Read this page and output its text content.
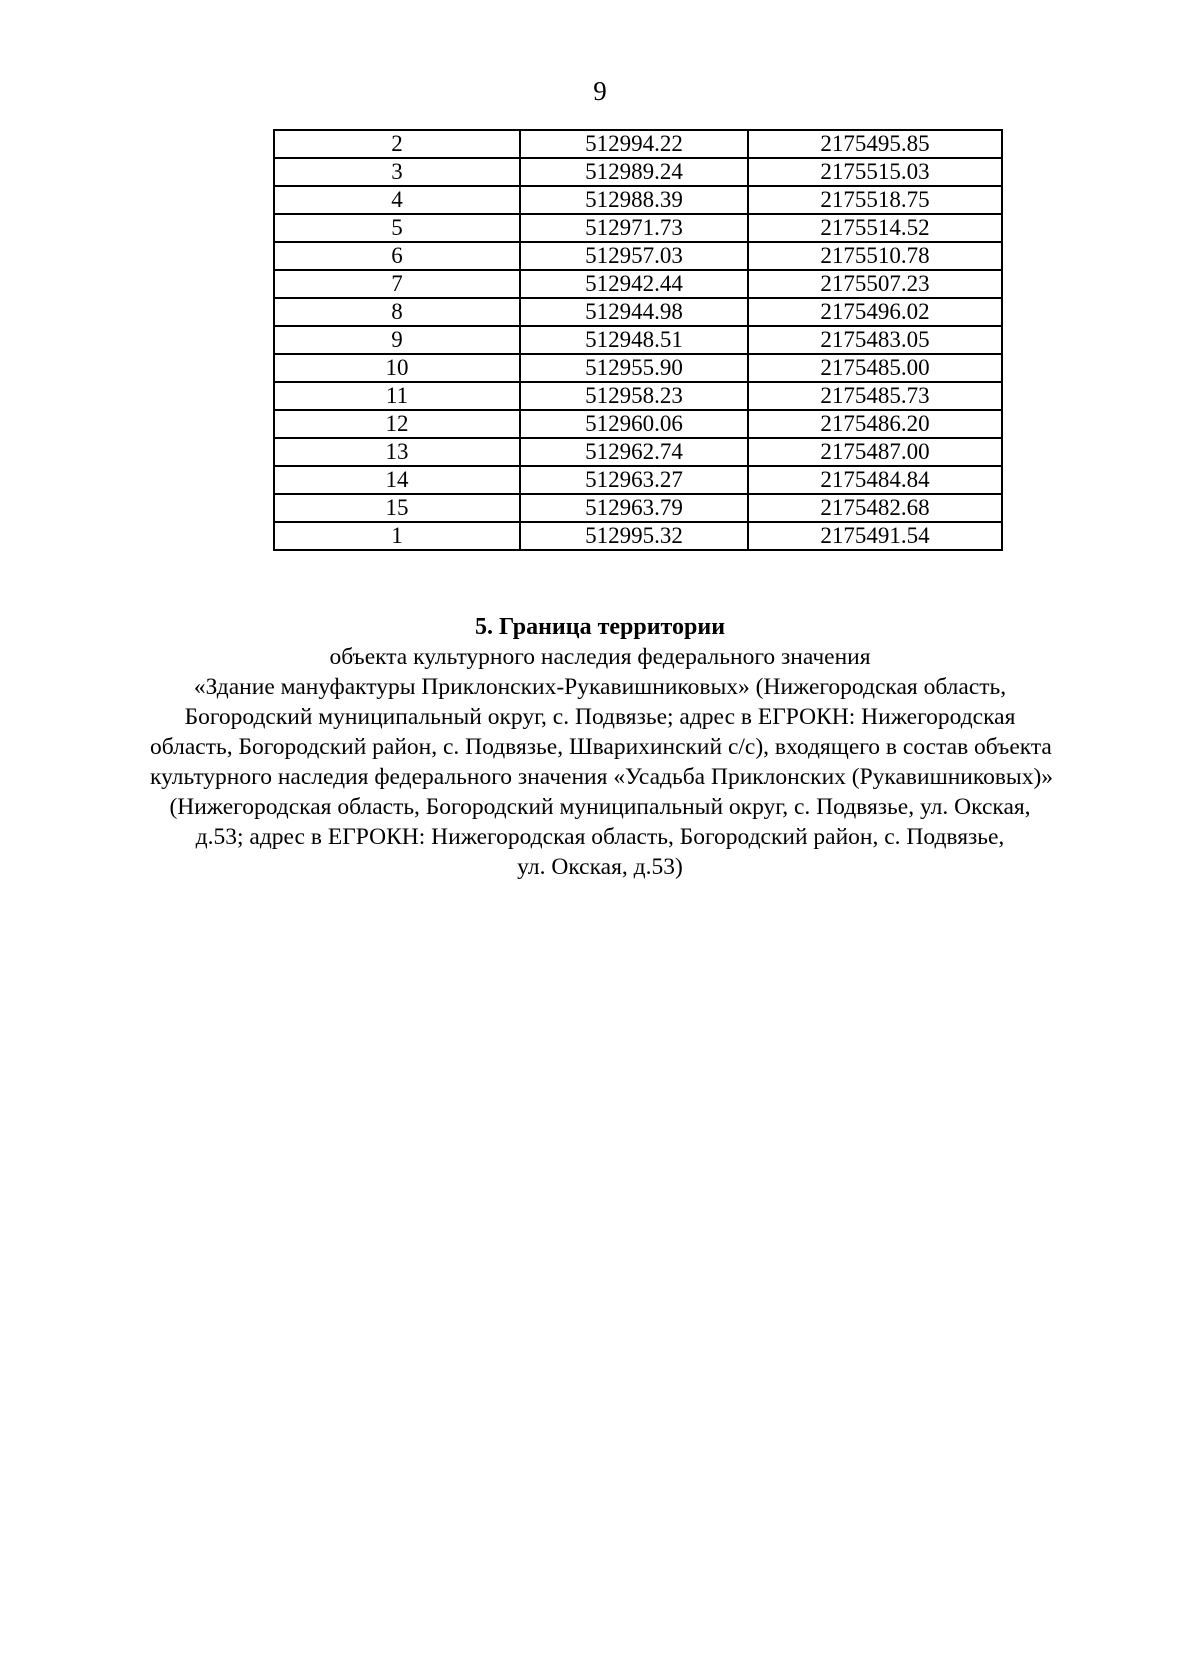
9
2	512994.22	2175495.85
3	512989.24	2175515.03
4	512988.39	2175518.75
5	512971.73	2175514.52
6	512957.03	2175510.78
7	512942.44	2175507.23
8	512944.98	2175496.02
9	512948.51	2175483.05
10	512955.90	2175485.00
11	512958.23	2175485.73
12	512960.06	2175486.20
13	512962.74	2175487.00
14	512963.27	2175484.84
15	512963.79	2175482.68
1	512995.32	2175491.54
5. Граница территории
объекта культурного наследия федерального значения
«Здание мануфактуры Приклонских-Рукавишниковых» (Нижегородская область,
Богородский муниципальный округ, с. Подвязье; адрес в ЕГРОКН: Нижегородская
область, Богородский район, с. Подвязье, Шварихинский с/с), входящего в состав объекта
культурного наследия федерального значения «Усадьба Приклонских (Рукавишниковых)»
(Нижегородская область, Богородский муниципальный округ, с. Подвязье, ул. Окская,
д.53; адрес в ЕГРОКН: Нижегородская область, Богородский район, с. Подвязье,
ул. Окская, д.53)
